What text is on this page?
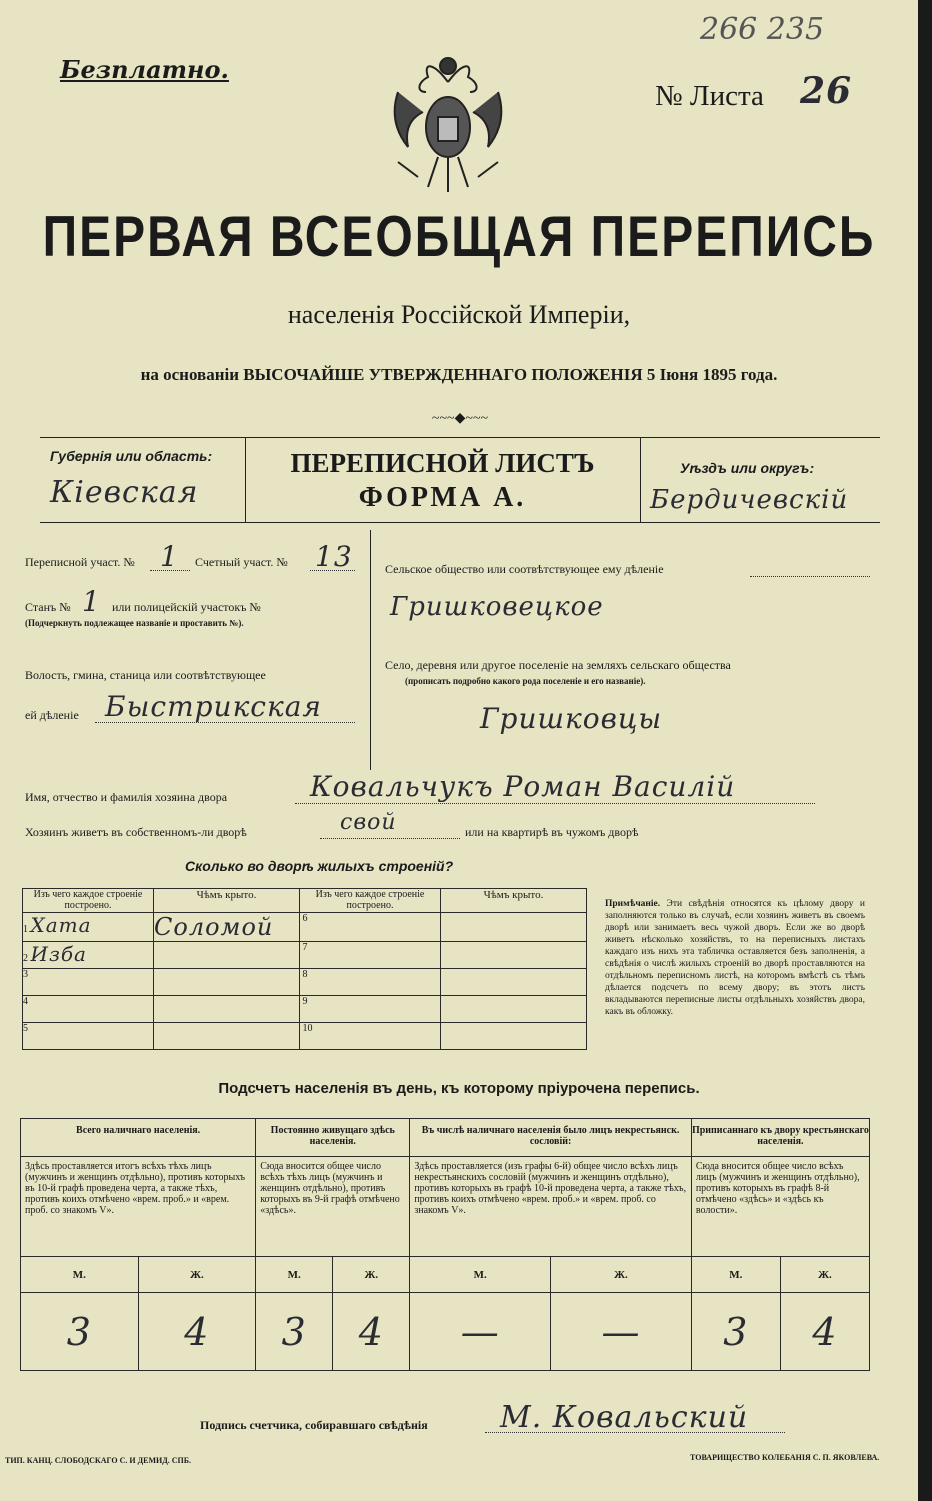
Безплатно.
266 235
№ Листа 26
ПЕРВАЯ ВСЕОБЩАЯ ПЕРЕПИСЬ
населенія Россійской Имперіи,
на основаніи ВЫСОЧАЙШЕ УТВЕРЖДЕННАГО ПОЛОЖЕНІЯ 5 Іюня 1895 года.
~~~◆~~~
Губернія или область:
Кіевская
ПЕРЕПИСНОЙ ЛИСТЪ
ФОРМА А.
Уѣздъ или округъ:
Бердичевскій
Переписной участ. № 1 Счетный участ. № 13
Станъ № 1 или полицейскій участокъ №
(Подчеркнуть подлежащее названіе и проставить №).
Волость, гмина, станица или соотвѣтствующее
ей дѣленіе Быстрикская
Сельское общество или соотвѣтствующее ему дѣленіе
Гришковецкое
Село, деревня или другое поселеніе на земляхъ сельскаго общества
(прописать подробно какого рода поселеніе и его названіе).
Гришковцы
Имя, отчество и фамилія хозяина двора	Ковальчукъ Роман Василій
Хозяинъ живетъ въ собственномъ-ли дворѣ	свой	или на квартирѣ въ чужомъ дворѣ
Сколько во дворѣ жилыхъ строеній?
Изъ чего каждое строеніе построено.	Чѣмъ крыто.	Изъ чего каждое строеніе построено.	Чѣмъ крыто.
1 Хата	Соломой	6	
2 Изба		7	
3		8	
4		9	
5		10	
Примѣчаніе. Эти свѣдѣнія относятся къ цѣлому двору и заполняются только въ случаѣ, если хозяинъ живетъ въ своемъ дворѣ или занимаетъ весь чужой дворъ. Если же во дворѣ живетъ нѣсколько хозяйствъ, то на переписныхъ листахъ каждаго изъ нихъ эта табличка оставляется безъ заполненія, а свѣдѣнія о числѣ жилыхъ строеній во дворѣ проставляются на отдѣльномъ переписномъ листѣ, на которомъ вмѣстѣ съ тѣмъ дѣлается подсчетъ по всему двору; въ этотъ листъ вкладываются переписные листы отдѣльныхъ хозяйствъ двора, какъ въ обложку.
Подсчетъ населенія въ день, къ которому пріурочена перепись.
Всего наличнаго населенія.		Постоянно живущаго здѣсь населенія.		Въ числѣ наличнаго населенія было лицъ некрестьянск. сословій:		Приписаннаго къ двору крестьянскаго населенія.	
Здѣсь проставляется итогъ всѣхъ тѣхъ лицъ (мужчинъ и женщинъ отдѣльно), противъ которыхъ въ 10-й графѣ проведена черта, а также тѣхъ, противъ коихъ отмѣчено «врем. проб.» и «врем. проб. со знакомъ V».		Сюда вносится общее число всѣхъ тѣхъ лицъ (мужчинъ и женщинъ отдѣльно), противъ которыхъ въ 9-й графѣ отмѣчено «здѣсь».		Здѣсь проставляется (изъ графы 6-й) общее число всѣхъ лицъ некрестьянскихъ сословій (мужчинъ и женщинъ отдѣльно), противъ которыхъ въ графѣ 10-й проведена черта, а также тѣхъ, противъ коихъ отмѣчено «врем. проб.» и «врем. проб. со знакомъ V».		Сюда вносится общее число всѣхъ лицъ (мужчинъ и женщинъ отдѣльно), противъ которыхъ въ графѣ 8-й отмѣчено «здѣсь» и «здѣсь къ волости».	
М.	Ж.	М.	Ж.	М.	Ж.	М.	Ж.
3	4	3	4	—	—	3	4
Подпись счетчика, собиравшаго свѣдѣнія М. Ковальский
ТИП. КАНЦ. СЛОБОДСКАГО С. И ДЕМИД. СПБ.	ТОВАРИЩЕСТВО КОЛЕБАНІЯ С. П. ЯКОВЛЕВА.
